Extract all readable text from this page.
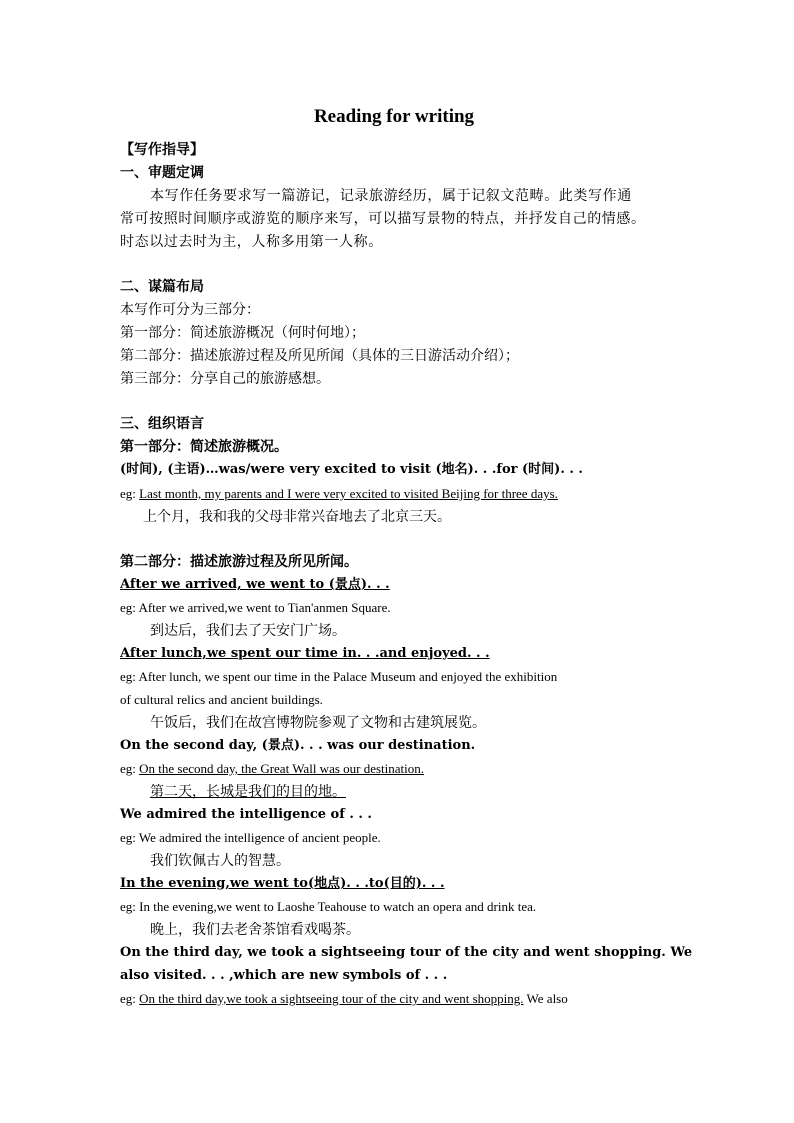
Reading for writing
【写作指导】
一、审题定调
本写作任务要求写一篇游记，记录旅游经历，属于记叙文范畴。此类写作通
常可按照时间顺序或游览的顺序来写，可以描写景物的特点，并抒发自己的情感。
时态以过去时为主，人称多用第一人称。
二、谋篇布局
本写作可分为三部分：
第一部分：简述旅游概况（何时何地）；
第二部分：描述旅游过程及所见所闻（具体的三日游活动介绍）；
第三部分：分享自己的旅游感想。
三、组织语言
第一部分：简述旅游概况。
(时间), (主语)…was/were very excited to visit (地名). . .for (时间). . .
eg: Last month, my parents and I were very excited to visited Beijing for three days.
上个月，我和我的父母非常兴奋地去了北京三天。
第二部分：描述旅游过程及所见所闻。
After we arrived, we went to (景点). . .
eg: After we arrived,we went to Tian'anmen Square.
到达后，我们去了天安门广场。
After lunch,we spent our time in. . .and enjoyed. . .
eg: After lunch, we spent our time in the Palace Museum and enjoyed the exhibition
of cultural relics and ancient buildings.
午饭后，我们在故宫博物院参观了文物和古建筑展览。
On the second day, (景点). . . was our destination.
eg: On the second day, the Great Wall was our destination.
第二天，长城是我们的目的地。
We admired the intelligence of . . .
eg: We admired the intelligence of ancient people.
我们钦佩古人的智慧。
In the evening,we went to(地点). . .to(目的). . .
eg: In the evening,we went to Laoshe Teahouse to watch an opera and drink tea.
晚上，我们去老舍茶馆看戏喝茶。
On the third day, we took a sightseeing tour of the city and went shopping. We
also visited. . . ,which are new symbols of . . .
eg: On the third day,we took a sightseeing tour of the city and went shopping. We also
